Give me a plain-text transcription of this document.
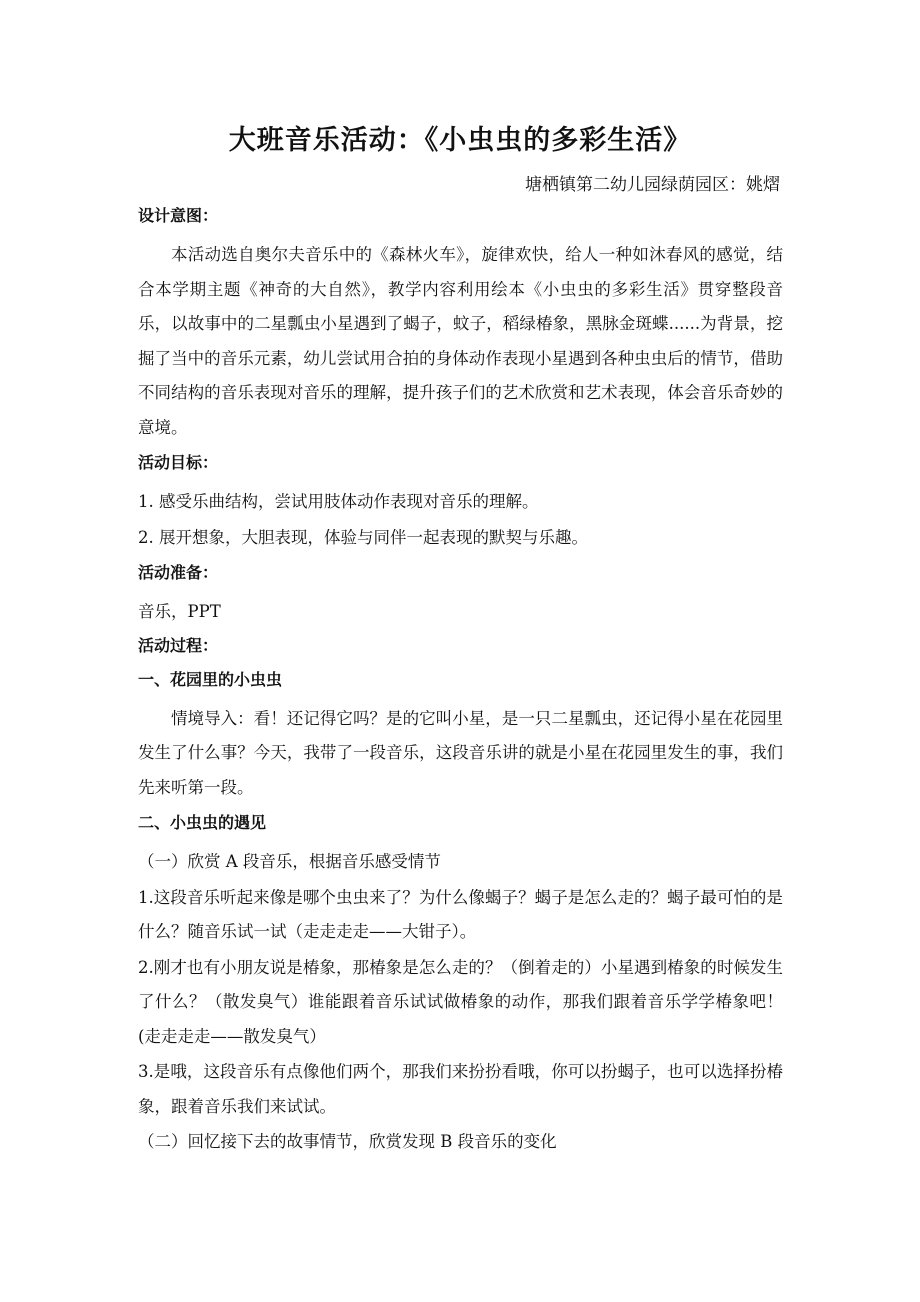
大班音乐活动：《小虫虫的多彩生活》
塘栖镇第二幼儿园绿荫园区：姚熠
设计意图：
本活动选自奥尔夫音乐中的《森林火车》，旋律欢快，给人一种如沐春风的感觉，结合本学期主题《神奇的大自然》，教学内容利用绘本《小虫虫的多彩生活》贯穿整段音乐，以故事中的二星瓢虫小星遇到了蝎子，蚊子，稻绿椿象，黑脉金斑蝶......为背景，挖掘了当中的音乐元素，幼儿尝试用合拍的身体动作表现小星遇到各种虫虫后的情节，借助不同结构的音乐表现对音乐的理解，提升孩子们的艺术欣赏和艺术表现，体会音乐奇妙的意境。
活动目标：
1. 感受乐曲结构，尝试用肢体动作表现对音乐的理解。
2. 展开想象，大胆表现，体验与同伴一起表现的默契与乐趣。
活动准备：
音乐，PPT
活动过程：
一、花园里的小虫虫
情境导入：看！还记得它吗？是的它叫小星，是一只二星瓢虫，还记得小星在花园里发生了什么事？今天，我带了一段音乐，这段音乐讲的就是小星在花园里发生的事，我们先来听第一段。
二、小虫虫的遇见
（一）欣赏 A 段音乐，根据音乐感受情节
1.这段音乐听起来像是哪个虫虫来了？为什么像蝎子？蝎子是怎么走的？蝎子最可怕的是什么？随音乐试一试（走走走走——大钳子）。
2.刚才也有小朋友说是椿象，那椿象是怎么走的？（倒着走的）小星遇到椿象的时候发生了什么？（散发臭气）谁能跟着音乐试试做椿象的动作，那我们跟着音乐学学椿象吧！(走走走走——散发臭气）
3.是哦，这段音乐有点像他们两个，那我们来扮扮看哦，你可以扮蝎子，也可以选择扮椿象，跟着音乐我们来试试。
（二）回忆接下去的故事情节，欣赏发现 B 段音乐的变化
